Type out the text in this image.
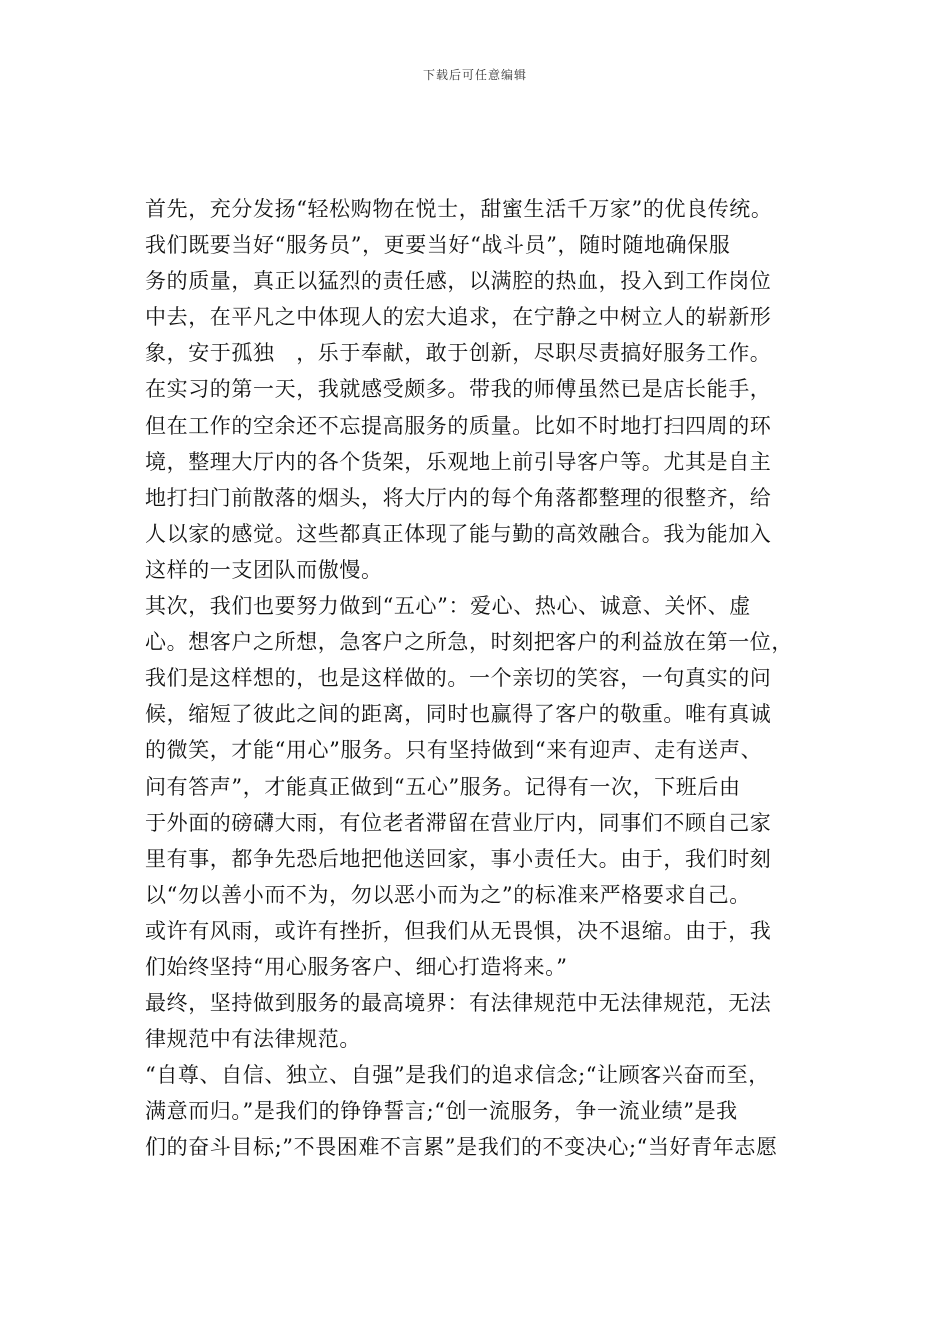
下载后可任意编辑
首先，充分发扬“轻松购物在悦士，甜蜜生活千万家”的优良传统。
我们既要当好“服务员”，更要当好“战斗员”，随时随地确保服
务的质量，真正以猛烈的责任感，以满腔的热血，投入到工作岗位
中去，在平凡之中体现人的宏大追求，在宁静之中树立人的崭新形
象，安于孤独　，乐于奉献，敢于创新，尽职尽责搞好服务工作。
在实习的第一天，我就感受颇多。带我的师傅虽然已是店长能手，
但在工作的空余还不忘提高服务的质量。比如不时地打扫四周的环
境，整理大厅内的各个货架，乐观地上前引导客户等。尤其是自主
地打扫门前散落的烟头，将大厅内的每个角落都整理的很整齐，给
人以家的感觉。这些都真正体现了能与勤的高效融合。我为能加入
这样的一支团队而傲慢。
其次，我们也要努力做到“五心”：爱心、热心、诚意、关怀、虚
心。想客户之所想，急客户之所急，时刻把客户的利益放在第一位，
我们是这样想的，也是这样做的。一个亲切的笑容，一句真实的问
候，缩短了彼此之间的距离，同时也赢得了客户的敬重。唯有真诚
的微笑，才能“用心”服务。只有坚持做到“来有迎声、走有送声、
问有答声”，才能真正做到“五心”服务。记得有一次，下班后由
于外面的磅礴大雨，有位老者滞留在营业厅内，同事们不顾自己家
里有事，都争先恐后地把他送回家，事小责任大。由于，我们时刻
以“勿以善小而不为，勿以恶小而为之”的标准来严格要求自己。
或许有风雨，或许有挫折，但我们从无畏惧，决不退缩。由于，我
们始终坚持“用心服务客户、细心打造将来。”
最终，坚持做到服务的最高境界：有法律规范中无法律规范，无法
律规范中有法律规范。
“自尊、自信、独立、自强”是我们的追求信念;“让顾客兴奋而至，
满意而归。”是我们的铮铮誓言;“创一流服务，争一流业绩”是我
们的奋斗目标;”不畏困难不言累”是我们的不变决心;“当好青年志愿
